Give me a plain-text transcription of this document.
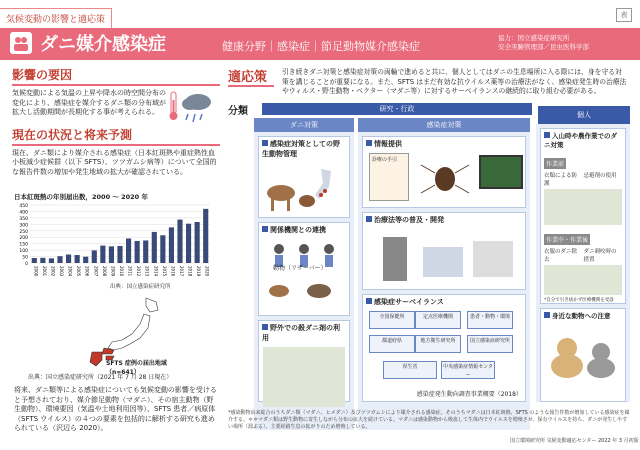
気候変動の影響と適応策	表
ダニ媒介感染症	健康分野｜感染症｜節足動物媒介感染症
協力：国立感染症研究所
安全実験管理部／昆虫医科学部
影響の要因

気候変動による気温の上昇や降水の時空間分布の変化により、感染症を媒介するダニ類の分布域が拡大し活動期間が長期化する事が考えられる。

現在の状況と将来予測

現在、ダニ類により媒介される感染症（日本紅斑熱や重症熱性血小板減少症候群（以下 SFTS）、ツツガムシ病等）について全国的な報告件数の増加や発生地域の拡大が確認されている。

日本紅斑熱の年別届出数，2000 〜 2020 年
0
50
100
150
200
250
300
350
400
450
2000 2001 2002 2003 2004 2005 2006 2007 2008 2009 2010 2011 2012 2013 2014 2015 2016 2017 2018 2019 2020
出典：国立感染症研究所
SFTS 症例の届出地域（n=641）
出典：国立感染症研究所（2021 年 7 月 28 日現在）

将来、ダニ類等による感染症についても気候変動の影響を受けると予想されており、媒介節足動物（マダニ）、その宿主動物（野生動物）、環境要因（気温や土地利用因等）、SFTS 患者／病原体（SFTS ウイルス）の４つの要素を包括的に解析する研究も進められている（沢辺ら 2020）。

適応策	引き続きダニ対策と感染症対策の両輪で進めると共に、個人としてはダニの生息場所に入る際には、身を守る対策を講じることが重要になる。また、SFTS はまだ有効な抗ウイルス薬等の治療法がなく、感染症発生時の治療法やウィルス・野生動物・ベクター（マダニ等）に対するサーベイランスの継続的に取り組む必要がある。
分類	研究・行政
個人
ダニ対策
感染症対策としての野生動物管理
関係機関との連携
動物（リザーバー）
野外での殺ダニ剤の利用
感染症対策
情報提供
診療の手引
治療法等の普及・開発
感染症サーベイランス
全国保健所	定点医療機関	患者・動物・環境
都道府県	地方衛生研究所	国立感染症研究所
厚生省	中央感染症情報センター
感染症発生動向調査事業概要（2018）
入山時や農作業でのダニ対策
作業前
衣類による防護
忌避剤の使用
作業中・作業後
衣服のダニ除去
ダニ刺咬時の措置
*自分で引き抜かず医療機関を受診
身近な動物への注意
*感染動物由来総合のうちダニ類（マダニ、ヒメダニ）及びツツガムシにより媒介される感染症。そのうちマダニは日本紅斑熱、SFTS のような報告件数が増加している感染症を媒介する。＊＊マダニ類は野生動物に寄生しながら分布の拡大を続けている。マダニは感染動物から吸血して生体内でウイルスを増殖させ、保有ウイルスを持ち、ダニが発生しやすい場所（溜ぶる）、主要経路生息の拡がりのため増殖している。
国立環境研究所 気候変動適応センター 2022 年 3 月初版
